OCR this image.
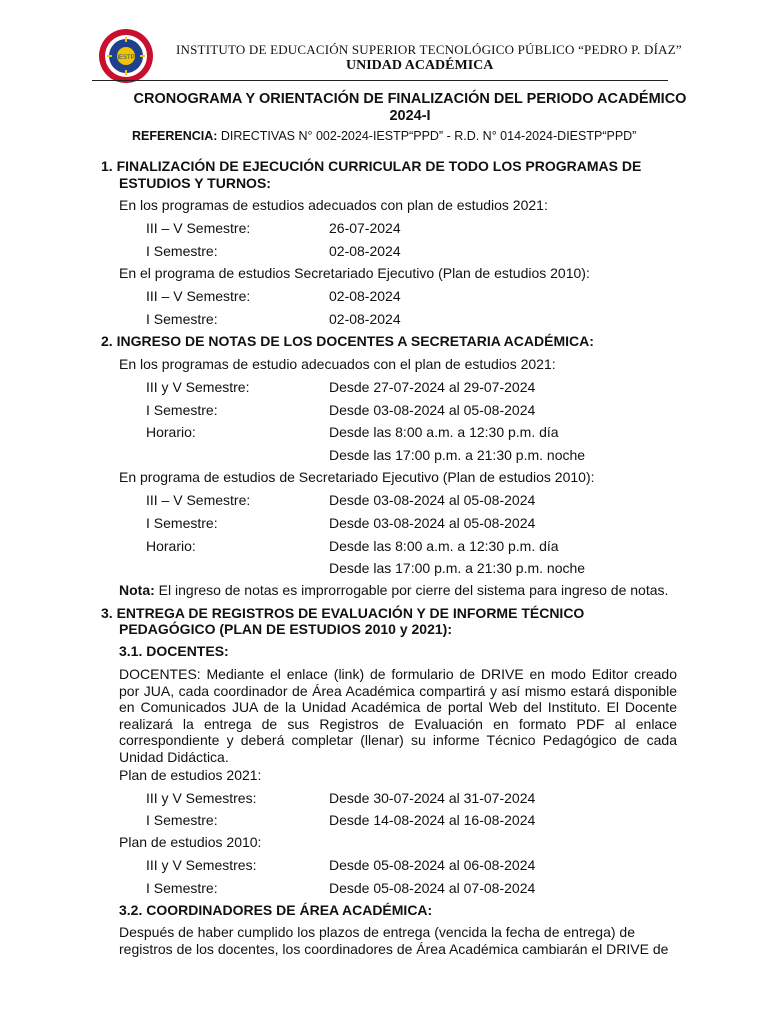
IESTP
INSTITUTO DE EDUCACIÓN SUPERIOR TECNOLÓGICO PÚBLICO “PEDRO P. DÍAZ”
UNIDAD ACADÉMICA
CRONOGRAMA Y ORIENTACIÓN DE FINALIZACIÓN DEL PERIODO ACADÉMICO 2024-I
REFERENCIA: DIRECTIVAS N° 002-2024-IESTP“PPD” - R.D. N° 014-2024-DIESTP“PPD”
1. FINALIZACIÓN DE EJECUCIÓN CURRICULAR DE TODO LOS PROGRAMAS DE
ESTUDIOS Y TURNOS:
En los programas de estudios adecuados con plan de estudios 2021:
III – V Semestre:	26-07-2024
I Semestre:	02-08-2024
En el programa de estudios Secretariado Ejecutivo (Plan de estudios 2010):
III – V Semestre:	02-08-2024
I Semestre:	02-08-2024
2. INGRESO DE NOTAS DE LOS DOCENTES A SECRETARIA ACADÉMICA:
En los programas de estudio adecuados con el plan de estudios 2021:
III y V Semestre:	Desde 27-07-2024 al 29-07-2024
I Semestre:	Desde 03-08-2024 al 05-08-2024
Horario:	Desde las 8:00 a.m. a 12:30 p.m. día
Desde las 17:00 p.m. a 21:30 p.m. noche
En programa de estudios de Secretariado Ejecutivo (Plan de estudios 2010):
III – V Semestre:	Desde 03-08-2024 al 05-08-2024
I Semestre:	Desde 03-08-2024 al 05-08-2024
Horario:	Desde las 8:00 a.m. a 12:30 p.m. día
Desde las 17:00 p.m. a 21:30 p.m. noche
Nota: El ingreso de notas es improrrogable por cierre del sistema para ingreso de notas.
3. ENTREGA DE REGISTROS DE EVALUACIÓN Y DE INFORME TÉCNICO
PEDAGÓGICO (PLAN DE ESTUDIOS 2010 y 2021):
3.1. DOCENTES:
DOCENTES: Mediante el enlace (link) de formulario de DRIVE en modo Editor creado por JUA, cada coordinador de Área Académica compartirá y así mismo estará disponible en Comunicados JUA de la Unidad Académica de portal Web del Instituto. El Docente realizará la entrega de sus Registros de Evaluación en formato PDF al enlace correspondiente y deberá completar (llenar) su informe Técnico Pedagógico de cada Unidad Didáctica.
Plan de estudios 2021:
III y V Semestres:	Desde 30-07-2024 al 31-07-2024
I Semestre:	Desde 14-08-2024 al 16-08-2024
Plan de estudios 2010:
III y V Semestres:	Desde 05-08-2024 al 06-08-2024
I Semestre:	Desde 05-08-2024 al 07-08-2024
3.2. COORDINADORES DE ÁREA ACADÉMICA:
Después de haber cumplido los plazos de entrega (vencida la fecha de entrega) de
registros de los docentes, los coordinadores de Área Académica cambiarán el DRIVE de
